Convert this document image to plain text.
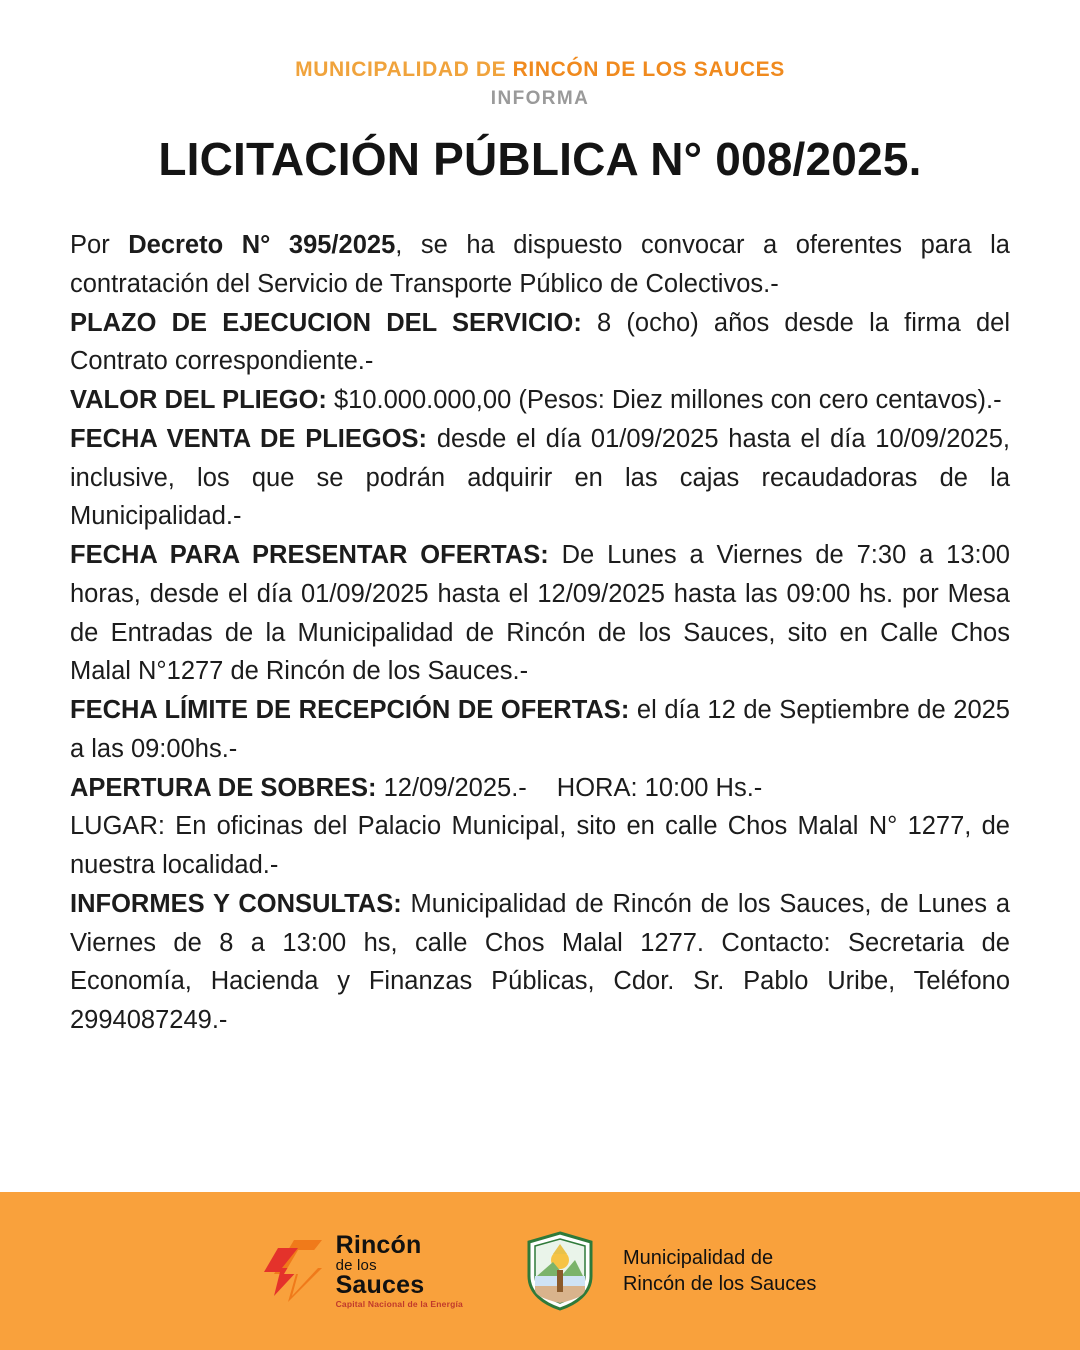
MUNICIPALIDAD DE RINCÓN DE LOS SAUCES
INFORMA
LICITACIÓN PÚBLICA N° 008/2025.

Por Decreto N° 395/2025, se ha dispuesto convocar a oferentes para la contratación del Servicio de Transporte Público de Colectivos.-

PLAZO DE EJECUCION DEL SERVICIO: 8 (ocho) años desde la firma del Contrato correspondiente.-

VALOR DEL PLIEGO: $10.000.000,00 (Pesos: Diez millones con cero centavos).-

FECHA VENTA DE PLIEGOS: desde el día 01/09/2025 hasta el día 10/09/2025, inclusive, los que se podrán adquirir en las cajas recaudadoras de la Municipalidad.-

FECHA PARA PRESENTAR OFERTAS: De Lunes a Viernes de 7:30 a 13:00 horas, desde el día 01/09/2025 hasta el 12/09/2025 hasta las 09:00 hs. por Mesa de Entradas de la Municipalidad de Rincón de los Sauces, sito en Calle Chos Malal N°1277 de Rincón de los Sauces.-

FECHA LÍMITE DE RECEPCIÓN DE OFERTAS: el día 12 de Septiembre de 2025 a las 09:00hs.-

APERTURA DE SOBRES: 12/09/2025.- HORA: 10:00 Hs.-

LUGAR: En oficinas del Palacio Municipal, sito en calle Chos Malal N° 1277, de nuestra localidad.-

INFORMES Y CONSULTAS: Municipalidad de Rincón de los Sauces, de Lunes a Viernes de 8 a 13:00 hs, calle Chos Malal 1277. Contacto: Secretaria de Economía, Hacienda y Finanzas Públicas, Cdor. Sr. Pablo Uribe, Teléfono 2994087249.-

Rincón
de los
Sauces
Capital Nacional de la Energía
Municipalidad de
Rincón de los Sauces
